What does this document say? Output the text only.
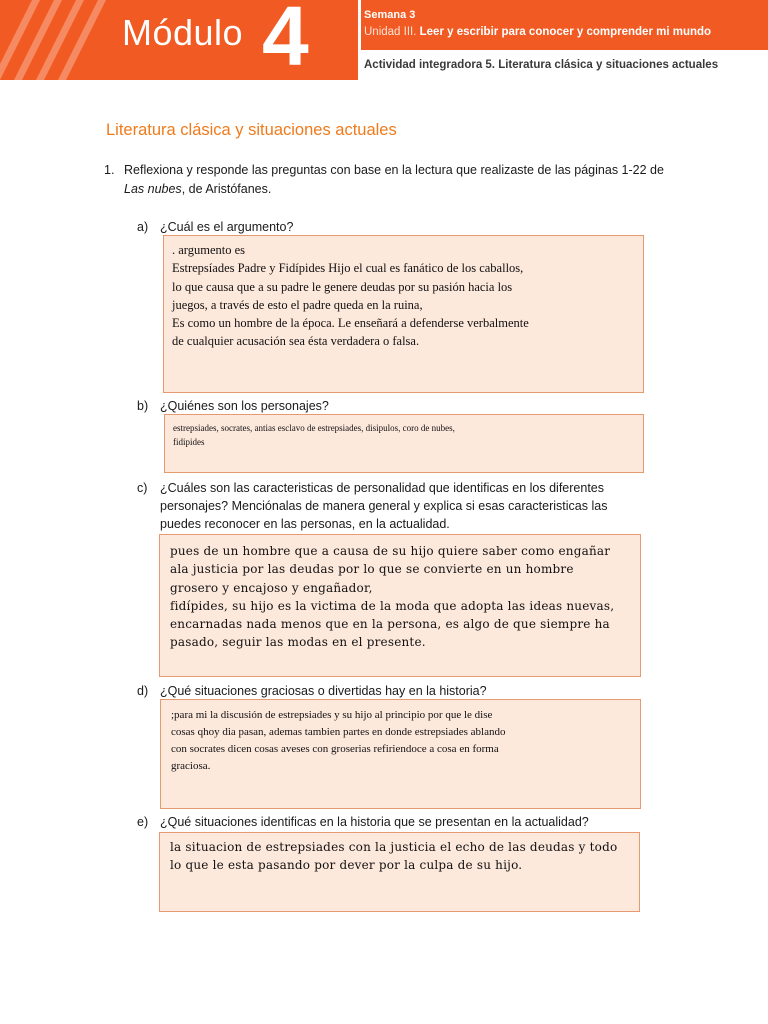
Módulo 4	Semana 3
Unidad III. Leer y escribir para conocer y comprender mi mundo
Actividad integradora 5. Literatura clásica y situaciones actuales
Literatura clásica y situaciones actuales
1. Reflexiona y responde las preguntas con base en la lectura que realizaste de las páginas 1-22 de Las nubes, de Aristófanes.
a) ¿Cuál es el argumento?

. argumento es

Estrepsíades Padre y Fidípides Hijo el cual es fanático de los caballos,

lo que causa que a su padre le genere deudas por su pasión hacia los

juegos, a través de esto el padre queda en la ruina,

Es como un hombre de la época. Le enseñará a defenderse verbalmente

de cualquier acusación sea ésta verdadera o falsa.

b) ¿Quiénes son los personajes?

estrepsiades, socrates, antias esclavo de estrepsiades, disipulos, coro de nubes,

fidipides

c) ¿Cuáles son las caracteristicas de personalidad que identificas en los diferentes personajes? Menciónalas de manera general y explica si esas caracteristicas las puedes reconocer en las personas, en la actualidad.

pues de un hombre que a causa de su hijo quiere saber como engañar

ala justicia por las deudas por lo que se convierte en un hombre

grosero y encajoso y engañador,

fidípides, su hijo es la victima de la moda que adopta las ideas nuevas,

encarnadas nada menos que en la persona, es algo de que siempre ha

pasado, seguir las modas en el presente.

d) ¿Qué situaciones graciosas o divertidas hay en la historia?

;para mi la discusión de estrepsiades y su hijo al principio por que le dise

cosas qhoy dia pasan, ademas tambien partes en donde estrepsiades ablando

con socrates dicen cosas aveses con groserias refiriendoce a cosa en forma

graciosa.

e) ¿Qué situaciones identificas en la historia que se presentan en la actualidad?

la situacion de estrepsiades con la justicia el echo de las deudas y todo

lo que le esta pasando por dever por la culpa de su hijo.
